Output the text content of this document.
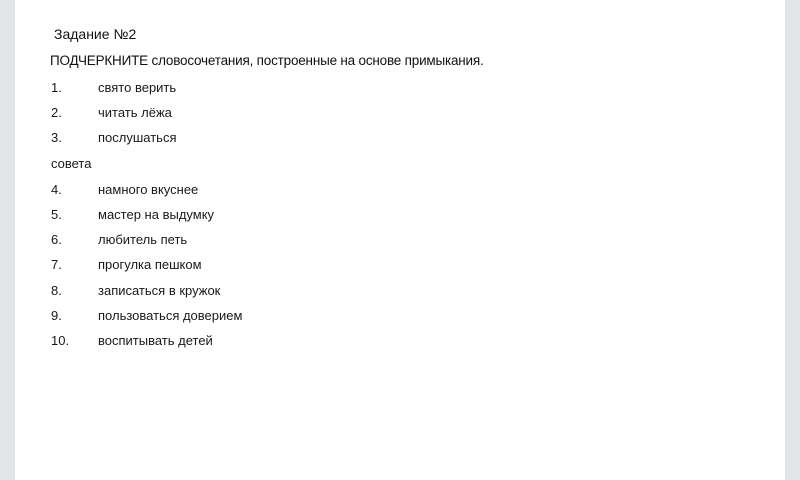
Задание №2
ПОДЧЕРКНИТЕ словосочетания, построенные на основе примыкания.
1.	свято верить
2.	читать лёжа
3.	послушаться
совета
4.	намного вкуснее
5.	мастер на выдумку
6.	любитель петь
7.	прогулка пешком
8.	записаться в кружок
9.	пользоваться доверием
10. воспитывать детей
